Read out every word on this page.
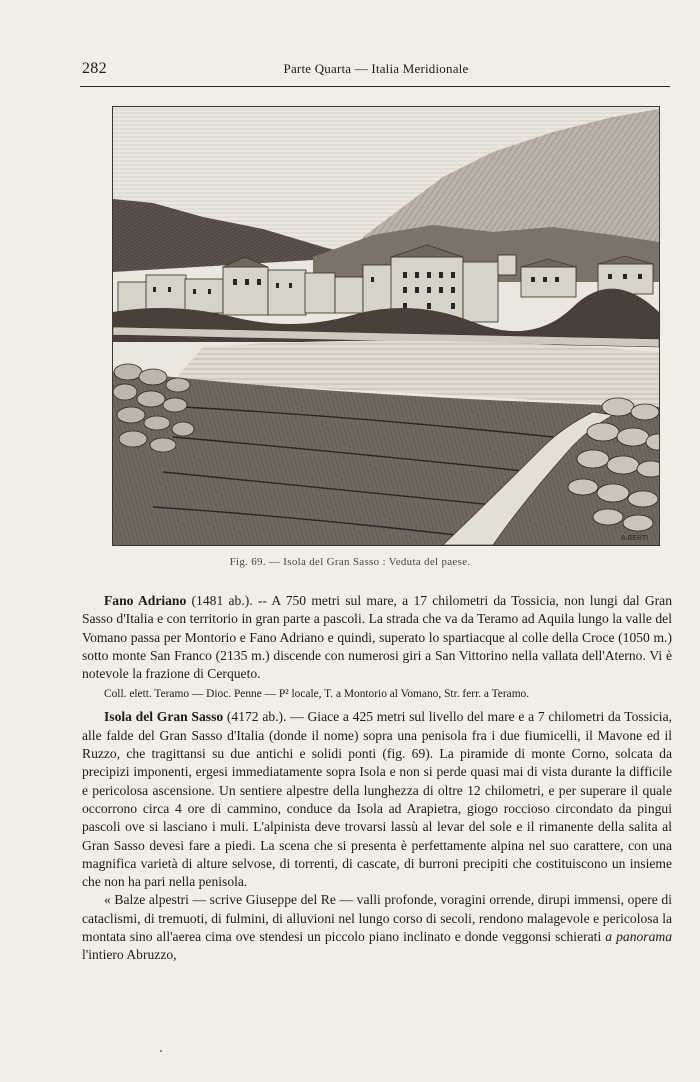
282	Parte Quarta — Italia Meridionale
A.BERTI
Fig. 69. — Isola del Gran Sasso : Veduta del paese.

Fano Adriano (1481 ab.). -- A 750 metri sul mare, a 17 chilometri da Tossicia, non lungi dal Gran Sasso d'Italia e con territorio in gran parte a pascoli. La strada che va da Teramo ad Aquila lungo la valle del Vomano passa per Montorio e Fano Adriano e quindi, superato lo spartiacque al colle della Croce (1050 m.) sotto monte San Franco (2135 m.) discende con numerosi giri a San Vittorino nella vallata dell'Aterno. Vi è notevole la frazione di Cerqueto.

Coll. elett. Teramo — Dioc. Penne — P² locale, T. a Montorio al Vomano, Str. ferr. a Teramo.

Isola del Gran Sasso (4172 ab.). — Giace a 425 metri sul livello del mare e a 7 chilometri da Tossicia, alle falde del Gran Sasso d'Italia (donde il nome) sopra una penisola fra i due fiumicelli, il Mavone ed il Ruzzo, che tragittansi su due antichi e solidi ponti (fig. 69). La piramide di monte Corno, solcata da precipizi imponenti, ergesi immediatamente sopra Isola e non si perde quasi mai di vista durante la difficile e pericolosa ascensione. Un sentiere alpestre della lunghezza di oltre 12 chilometri, e per superare il quale occorrono circa 4 ore di cammino, conduce da Isola ad Arapietra, giogo roccioso circondato da pingui pascoli ove si lasciano i muli. L'alpinista deve trovarsi lassù al levar del sole e il rimanente della salita al Gran Sasso devesi fare a piedi. La scena che si presenta è perfettamente alpina nel suo carattere, con una magnifica varietà di alture selvose, di torrenti, di cascate, di burroni precipiti che costituiscono un insieme che non ha pari nella penisola.

« Balze alpestri — scrive Giuseppe del Re — valli profonde, voragini orrende, dirupi immensi, opere di cataclismi, di tremuoti, di fulmini, di alluvioni nel lungo corso di secoli, rendono malagevole e pericolosa la montata sino all'aerea cima ove stendesi un piccolo piano inclinato e donde veggonsi schierati a panorama l'intiero Abruzzo,
